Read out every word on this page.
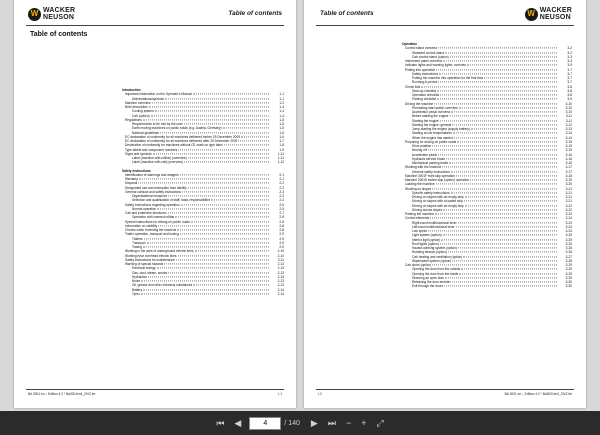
W WACKER
NEUSON
Table of contents
Table of contents
Introduction
Important information on the Operator's Manual	1-1
Abbreviations/symbols	1-1
Machine overview	1-2
Brief description	1-4
Cooling system	1-4
Cab (option)	1-4
Regulations	1-5
Requirements to be met by the user	1-5
Earth moving machines on public roads (e.g. Austria, Germany)	1-5
National guidelines	1-5
EC declaration of conformity for all machines delivered before 29 December 2009	1-6
EC declaration of conformity for all machines delivered after 29 December 2009	1-7
Declaration of conformity for machines without CE mark on type label	1-8
Type labels and component numbers	1-9
Signs and symbols	1-11
Label (machine with rollbar) (overview)	1-11
Label (machine with cab) (overview)	1-12
Safety instructions
Identification of warnings and dangers	2-1
Warranty	2-1
Disposal	2-2
Designated use and exemption from liability	2-3
General conduct and safety instructions	2-3
Organizational measures	2-3
Selection and qualification of staff, basic responsibilities	2-4
Safety instructions regarding operation	2-5
Normal operation	2-5
Cab and protective structures	2-7
Operation with lowered rollbar	2-8
Special instructions for driving on public roads	2-8
Information on visibility	2-8
Checks when reversing the machine	2-8
Trailer operation, transport and towing	2-9
Trailers	2-9
Transport	2-9
Towing	2-9
Working in the area of underground electric lines	2-10
Working near overhead electric lines	2-10
Safety instructions for maintenance	2-11
Warning of special hazards	2-13
Electrical energy	2-13
Gas, dust, steam, smoke	2-13
Hydraulics	2-13
Noise	2-13
Oil, grease and other chemical substances	2-13
Battery	2-14
Tyres	2-14
BA 3001 en – Edition 4.2 * Ba3001en4_2IVZ.fm	I-1
Table of contents	W WACKER
NEUSON
Operation
Control stand overview	3-2
Standard control stand	3-2
Cab control stand (option)	3-3
Instrument panel overview	3-4
Indicator lights and warning lights: overview	3-5
Putting into operation	3-7
Safety instructions	3-7
Putting the machine into operation for the first time	3-7
Running-in period	3-7
Check lists	3-8
Start-up checklist	3-8
Operation checklist	3-8
Parking checklist	3-9
Driving the machine	3-10
Preheating start switch overview	3-10
Accelerator pedal overview	3-10
Before starting the engine	3-11
Starting the engine	3-11
Starting the engine: general	3-12
Jump-starting the engine (supply battery)	3-13
Starting at low temperatures	3-14
When the engine has started	3-14
Preparing for driving on public roads	3-15
Drive position	3-15
Moving off	3-15
Accelerator pedal	3-16
Hydraulic service brake	3-16
Mechanical parking brake	3-16
Working with the machine	3-17
General safety instructions	3-17
Machine 3001F front skip operation	3-18
Machine 3001S swivel skip (option) operation	3-19
Loading the machine	3-20
Working on slopes	3-21
Specific safety instructions	3-21
Driving on slopes with an empty skip	3-21
Driving on slopes with a loaded skip	3-21
Driving on slopes with an empty skip	3-22
Driving across slopes	3-22
Parking the machine	3-23
Control elements	3-24
Right-hand multifunctional lever	3-24
Left-hand multifunctional lever	3-24
Low speed	3-24
Light system (option)	3-25
Interior light (option)	3-25
Roof lights (option)	3-25
Hazard warning system (option)	3-26
Rotating beacon (option)	3-26
Cab heating and ventilation (option)	3-27
Wiper/wash system (option)	3-28
Cab doors (option)	3-29
Opening the door from the outside	3-29
Opening the door from the inside	3-29
Securing an open door	3-29
Releasing the door arrester	3-30
Exit through the doors	3-30
I-2	BA 3001 en – Edition 4.2 * Ba3001en4_2IVZ.fm
⏮	◀	4	/ 140	▶	⏭	−	+	⤢
